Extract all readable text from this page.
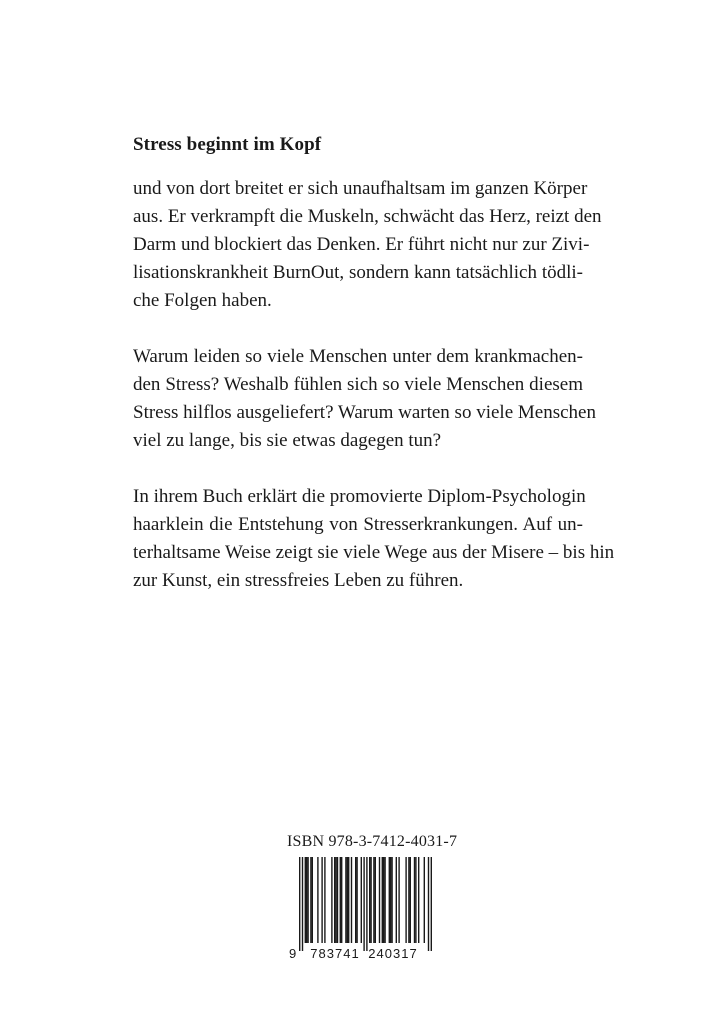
Stress beginnt im Kopf
und von dort breitet er sich unaufhaltsam im ganzen Körper
aus. Er verkrampft die Muskeln, schwächt das Herz, reizt den
Darm und blockiert das Denken. Er führt nicht nur zur Zivi-
lisationskrankheit BurnOut, sondern kann tatsächlich tödli-
che Folgen haben.
Warum leiden so viele Menschen unter dem krankmachen-
den Stress? Weshalb fühlen sich so viele Menschen diesem
Stress hilflos ausgeliefert? Warum warten so viele Menschen
viel zu lange, bis sie etwas dagegen tun?
In ihrem Buch erklärt die promovierte Diplom-Psychologin
haarklein die Entstehung von Stresserkrankungen. Auf un-
terhaltsame Weise zeigt sie viele Wege aus der Misere – bis hin
zur Kunst, ein stressfreies Leben zu führen.
ISBN 978-3-7412-4031-7
9 783741 240317
